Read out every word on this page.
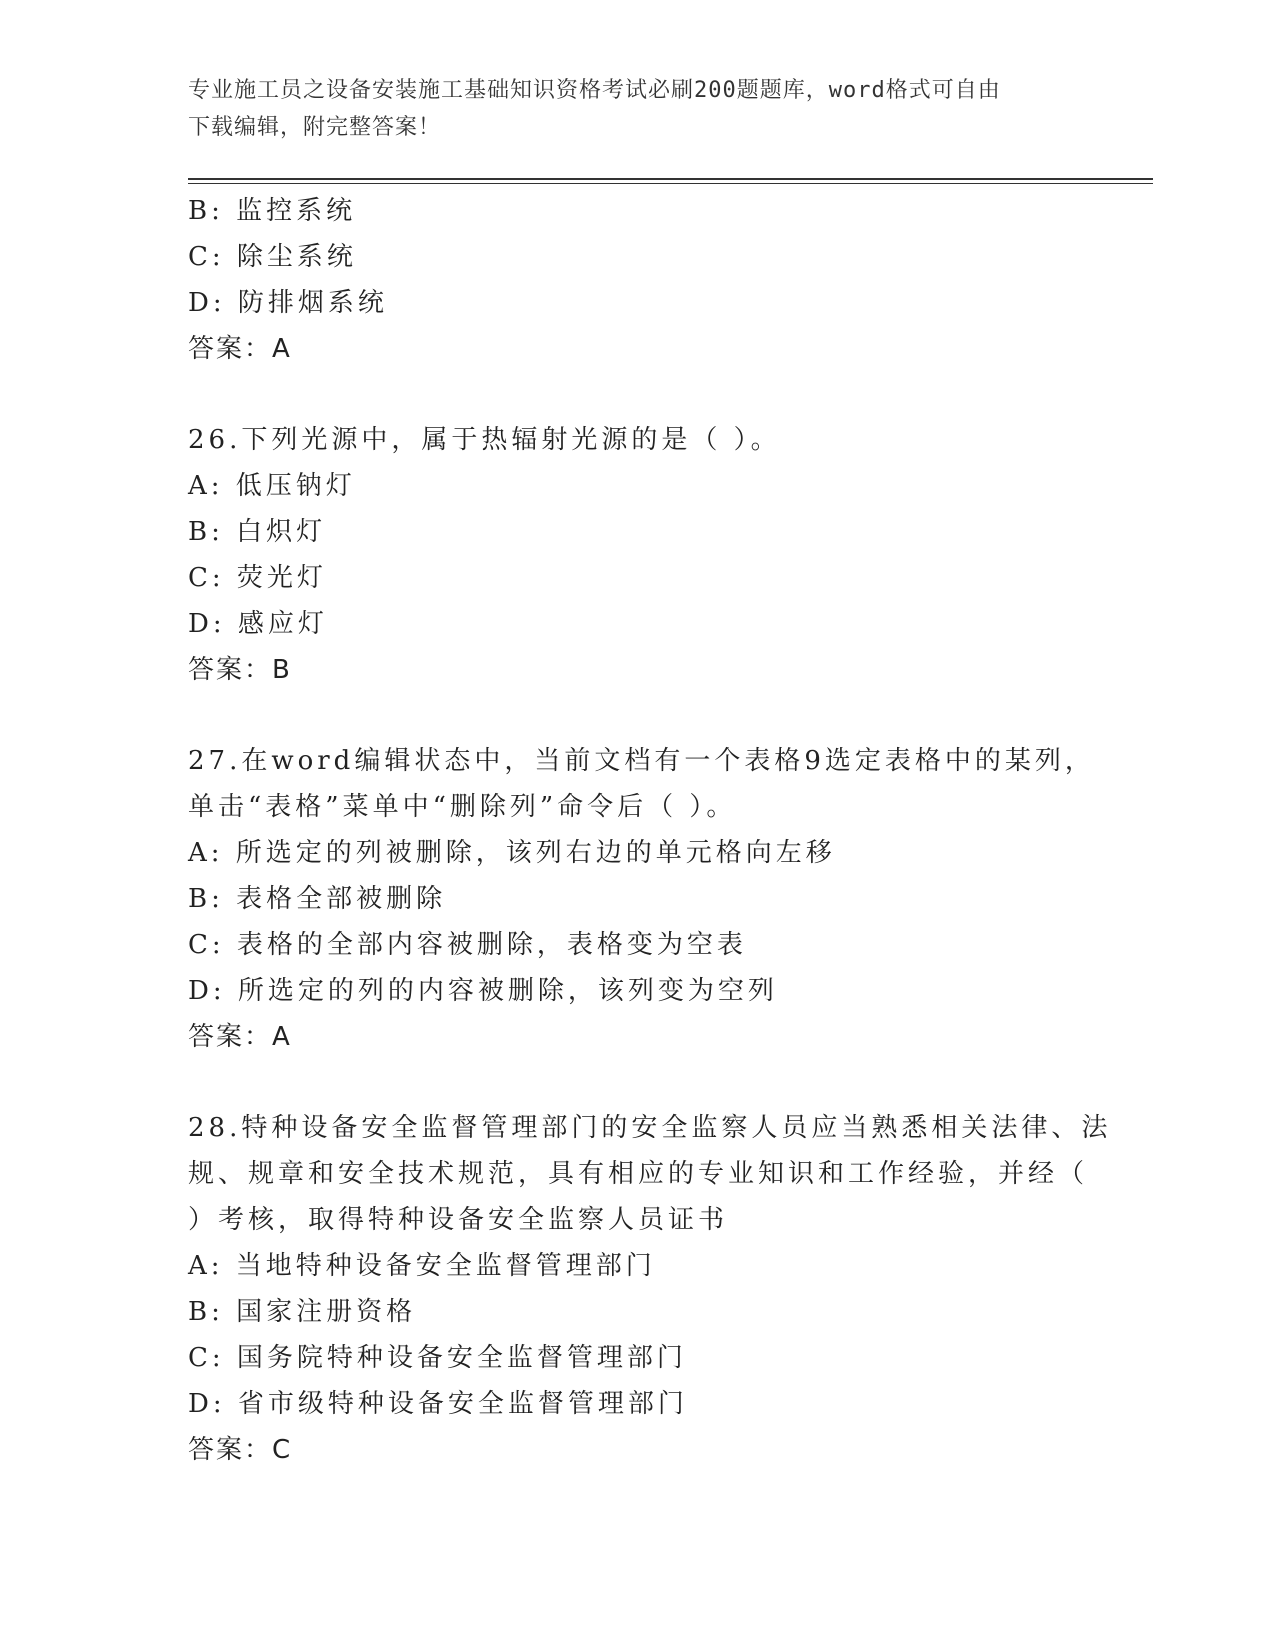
专业施工员之设备安装施工基础知识资格考试必刷200题题库，word格式可自由
下载编辑，附完整答案！
B: 监控系统
C: 除尘系统
D: 防排烟系统
答案：A
26.下列光源中，属于热辐射光源的是（ ）。
A: 低压钠灯
B: 白炽灯
C: 荧光灯
D: 感应灯
答案：B
27.在word编辑状态中，当前文档有一个表格9选定表格中的某列，
单击“表格”菜单中“删除列”命令后（ ）。
A: 所选定的列被删除，该列右边的单元格向左移
B: 表格全部被删除
C: 表格的全部内容被删除，表格变为空表
D: 所选定的列的内容被删除，该列变为空列
答案：A
28.特种设备安全监督管理部门的安全监察人员应当熟悉相关法律、法
规、规章和安全技术规范，具有相应的专业知识和工作经验，并经（
）考核，取得特种设备安全监察人员证书
A: 当地特种设备安全监督管理部门
B: 国家注册资格
C: 国务院特种设备安全监督管理部门
D: 省市级特种设备安全监督管理部门
答案：C
